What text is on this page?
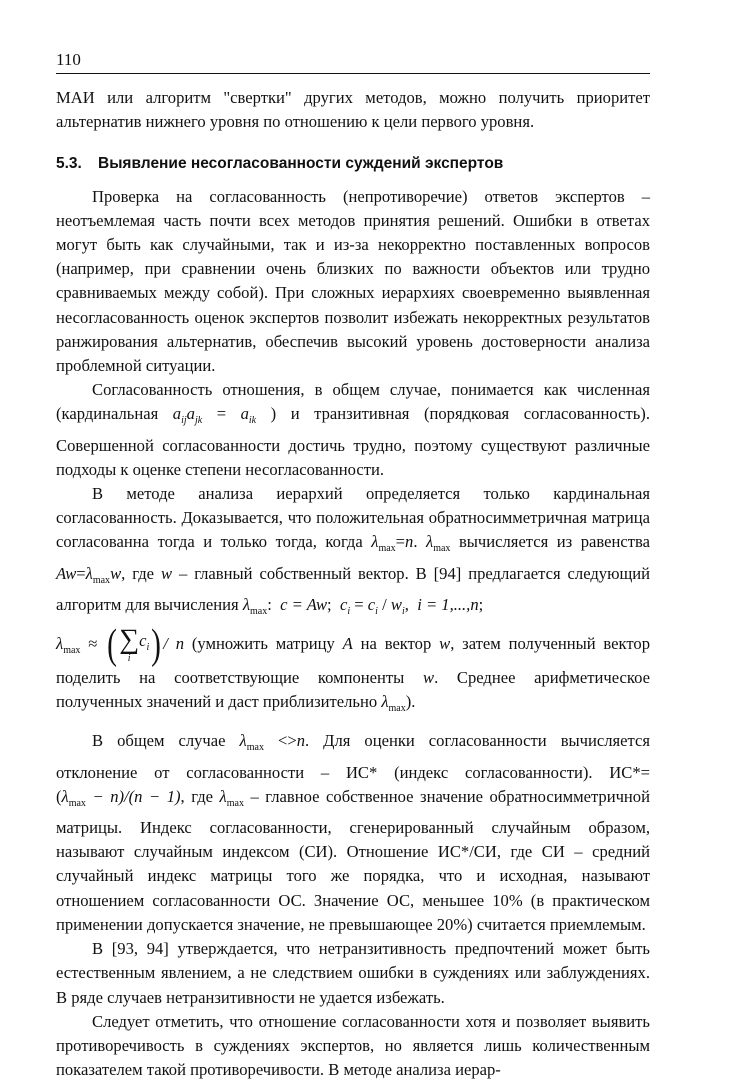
110

МАИ или алгоритм "свертки" других методов, можно получить приоритет альтернатив нижнего уровня по отношению к цели первого уровня.

5.3. Выявление несогласованности суждений экспертов

Проверка на согласованность (непротиворечие) ответов экспертов – неотъемлемая часть почти всех методов принятия решений. Ошибки в ответах могут быть как случайными, так и из-за некорректно поставленных вопросов (например, при сравнении очень близких по важности объектов или трудно сравниваемых между собой). При сложных иерархиях своевременно выявленная несогласованность оценок экспертов позволит избежать некорректных результатов ранжирования альтернатив, обеспечив высокий уровень достоверности анализа проблемной ситуации.

Согласованность отношения, в общем случае, понимается как численная (кардинальная $a_{ij}a_{jk} = a_{ik}$ ) и транзитивная (порядковая согласованность). Совершенной согласованности достичь трудно, поэтому существуют различные подходы к оценке степени несогласованности.

В методе анализа иерархий определяется только кардинальная согласованность. Доказывается, что положительная обратносимметричная матрица согласованна тогда и только тогда, когда $\lambda_{max}=n$. $\lambda_{max}$ вычисляется из равенства $Aw=\lambda_{max}w$, где w – главный собственный вектор. В [94] предлагается следующий алгоритм для вычисления $\lambda_{max}$: c = Aw; $c_i = c_i / w_i$,  i = 1,...,n;

$\lambda_{max}$ ≈ ( ∑
i
$c_i$ ) / n (умножить матрицу A на вектор w, затем полученный вектор поделить на соответствующие компоненты w. Среднее арифметическое полученных значений и даст приблизительно $\lambda_{max}$).

В общем случае $\lambda_{max} <>n$. Для оценки согласованности вычисляется отклонение от согласованности – ИС* (индекс согласованности). $ИС*=(\lambda_{max} - n)/(n - 1)$, где $\lambda_{max}$ – главное собственное значение обратносимметричной матрицы. Индекс согласованности, сгенерированный случайным образом, называют случайным индексом (СИ). Отношение ИС*/СИ, где СИ – средний случайный индекс матрицы того же порядка, что и исходная, называют отношением согласованности ОС. Значение ОС, меньшее 10% (в практическом применении допускается значение, не превышающее 20%) считается приемлемым.

В [93, 94] утверждается, что нетранзитивность предпочтений может быть естественным явлением, а не следствием ошибки в суждениях или заблуждениях. В ряде случаев нетранзитивности не удается избежать.

Следует отметить, что отношение согласованности хотя и позволяет выявить противоречивость в суждениях экспертов, но является лишь количественным показателем такой противоречивости. В методе анализа иерар-
